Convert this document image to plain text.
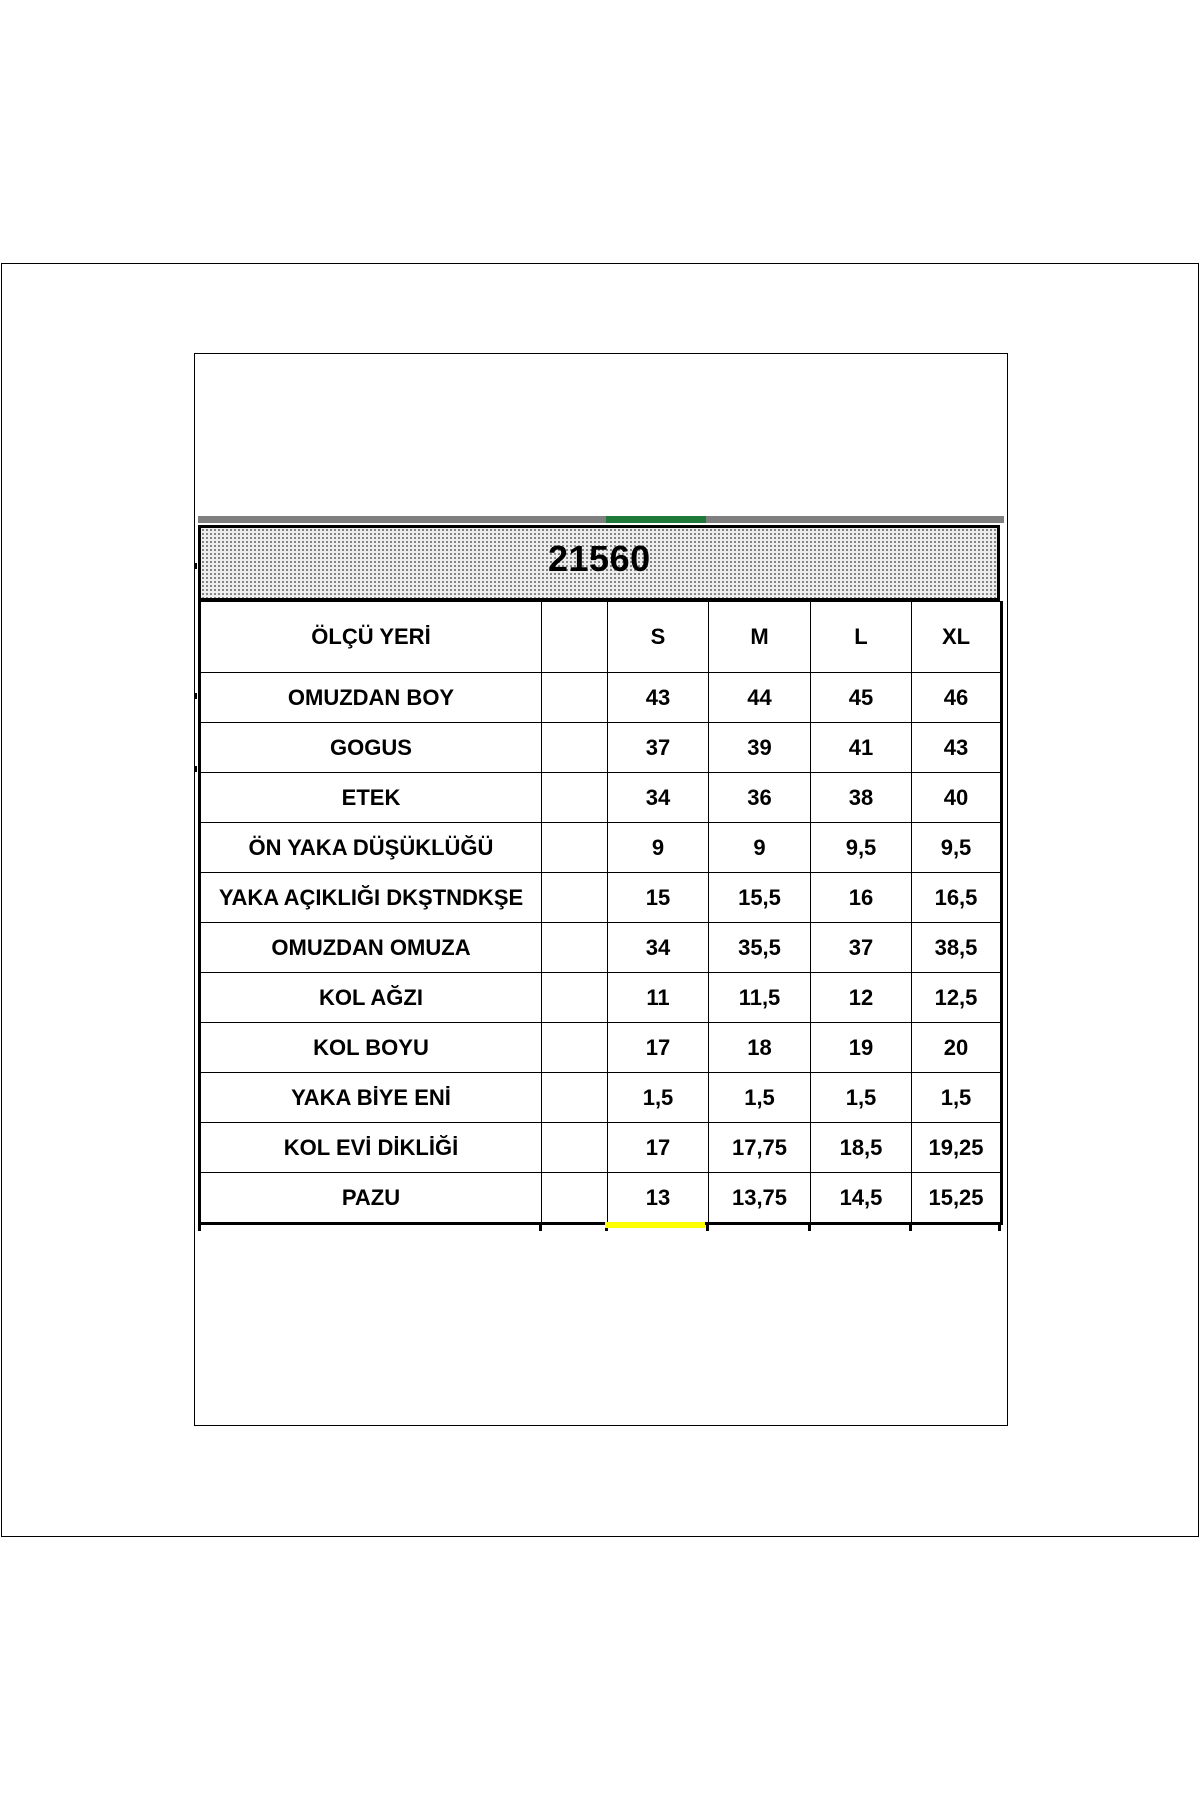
21560
ÖLÇÜ YERİ		S	M	L	XL
OMUZDAN BOY		43	44	45	46
GOGUS		37	39	41	43
ETEK		34	36	38	40
ÖN YAKA DÜŞÜKLÜĞÜ		9	9	9,5	9,5
YAKA AÇIKLIĞI DKŞTNDKŞE		15	15,5	16	16,5
OMUZDAN OMUZA		34	35,5	37	38,5
KOL AĞZI		11	11,5	12	12,5
KOL BOYU		17	18	19	20
YAKA BİYE ENİ		1,5	1,5	1,5	1,5
KOL EVİ DİKLİĞİ		17	17,75	18,5	19,25
PAZU		13	13,75	14,5	15,25
